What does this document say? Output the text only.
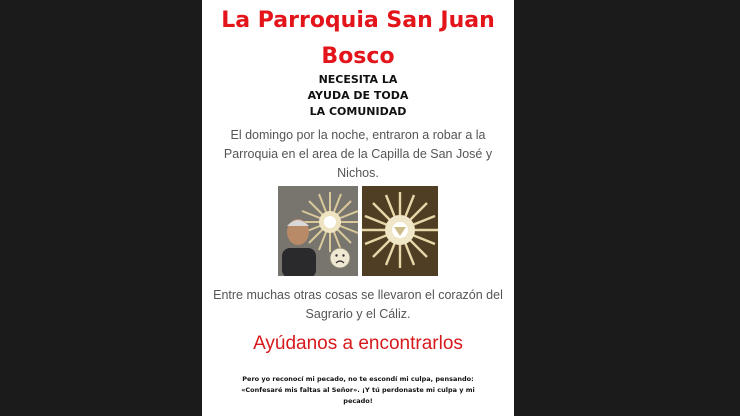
La Parroquia San Juan
Bosco
NECESITA LA
AYUDA DE TODA
LA COMUNIDAD
El domingo por la noche, entraron a robar a la Parroquia en el area de la Capilla de San José y Nichos.
Entre muchas otras cosas se llevaron el corazón del Sagrario y el Cáliz.
Ayúdanos a encontrarlos
Pero yo reconocí mi pecado, no te escondí mi culpa, pensando:
«Confesaré mis faltas al Señor». ¡Y tú perdonaste mi culpa y mi
pecado!
